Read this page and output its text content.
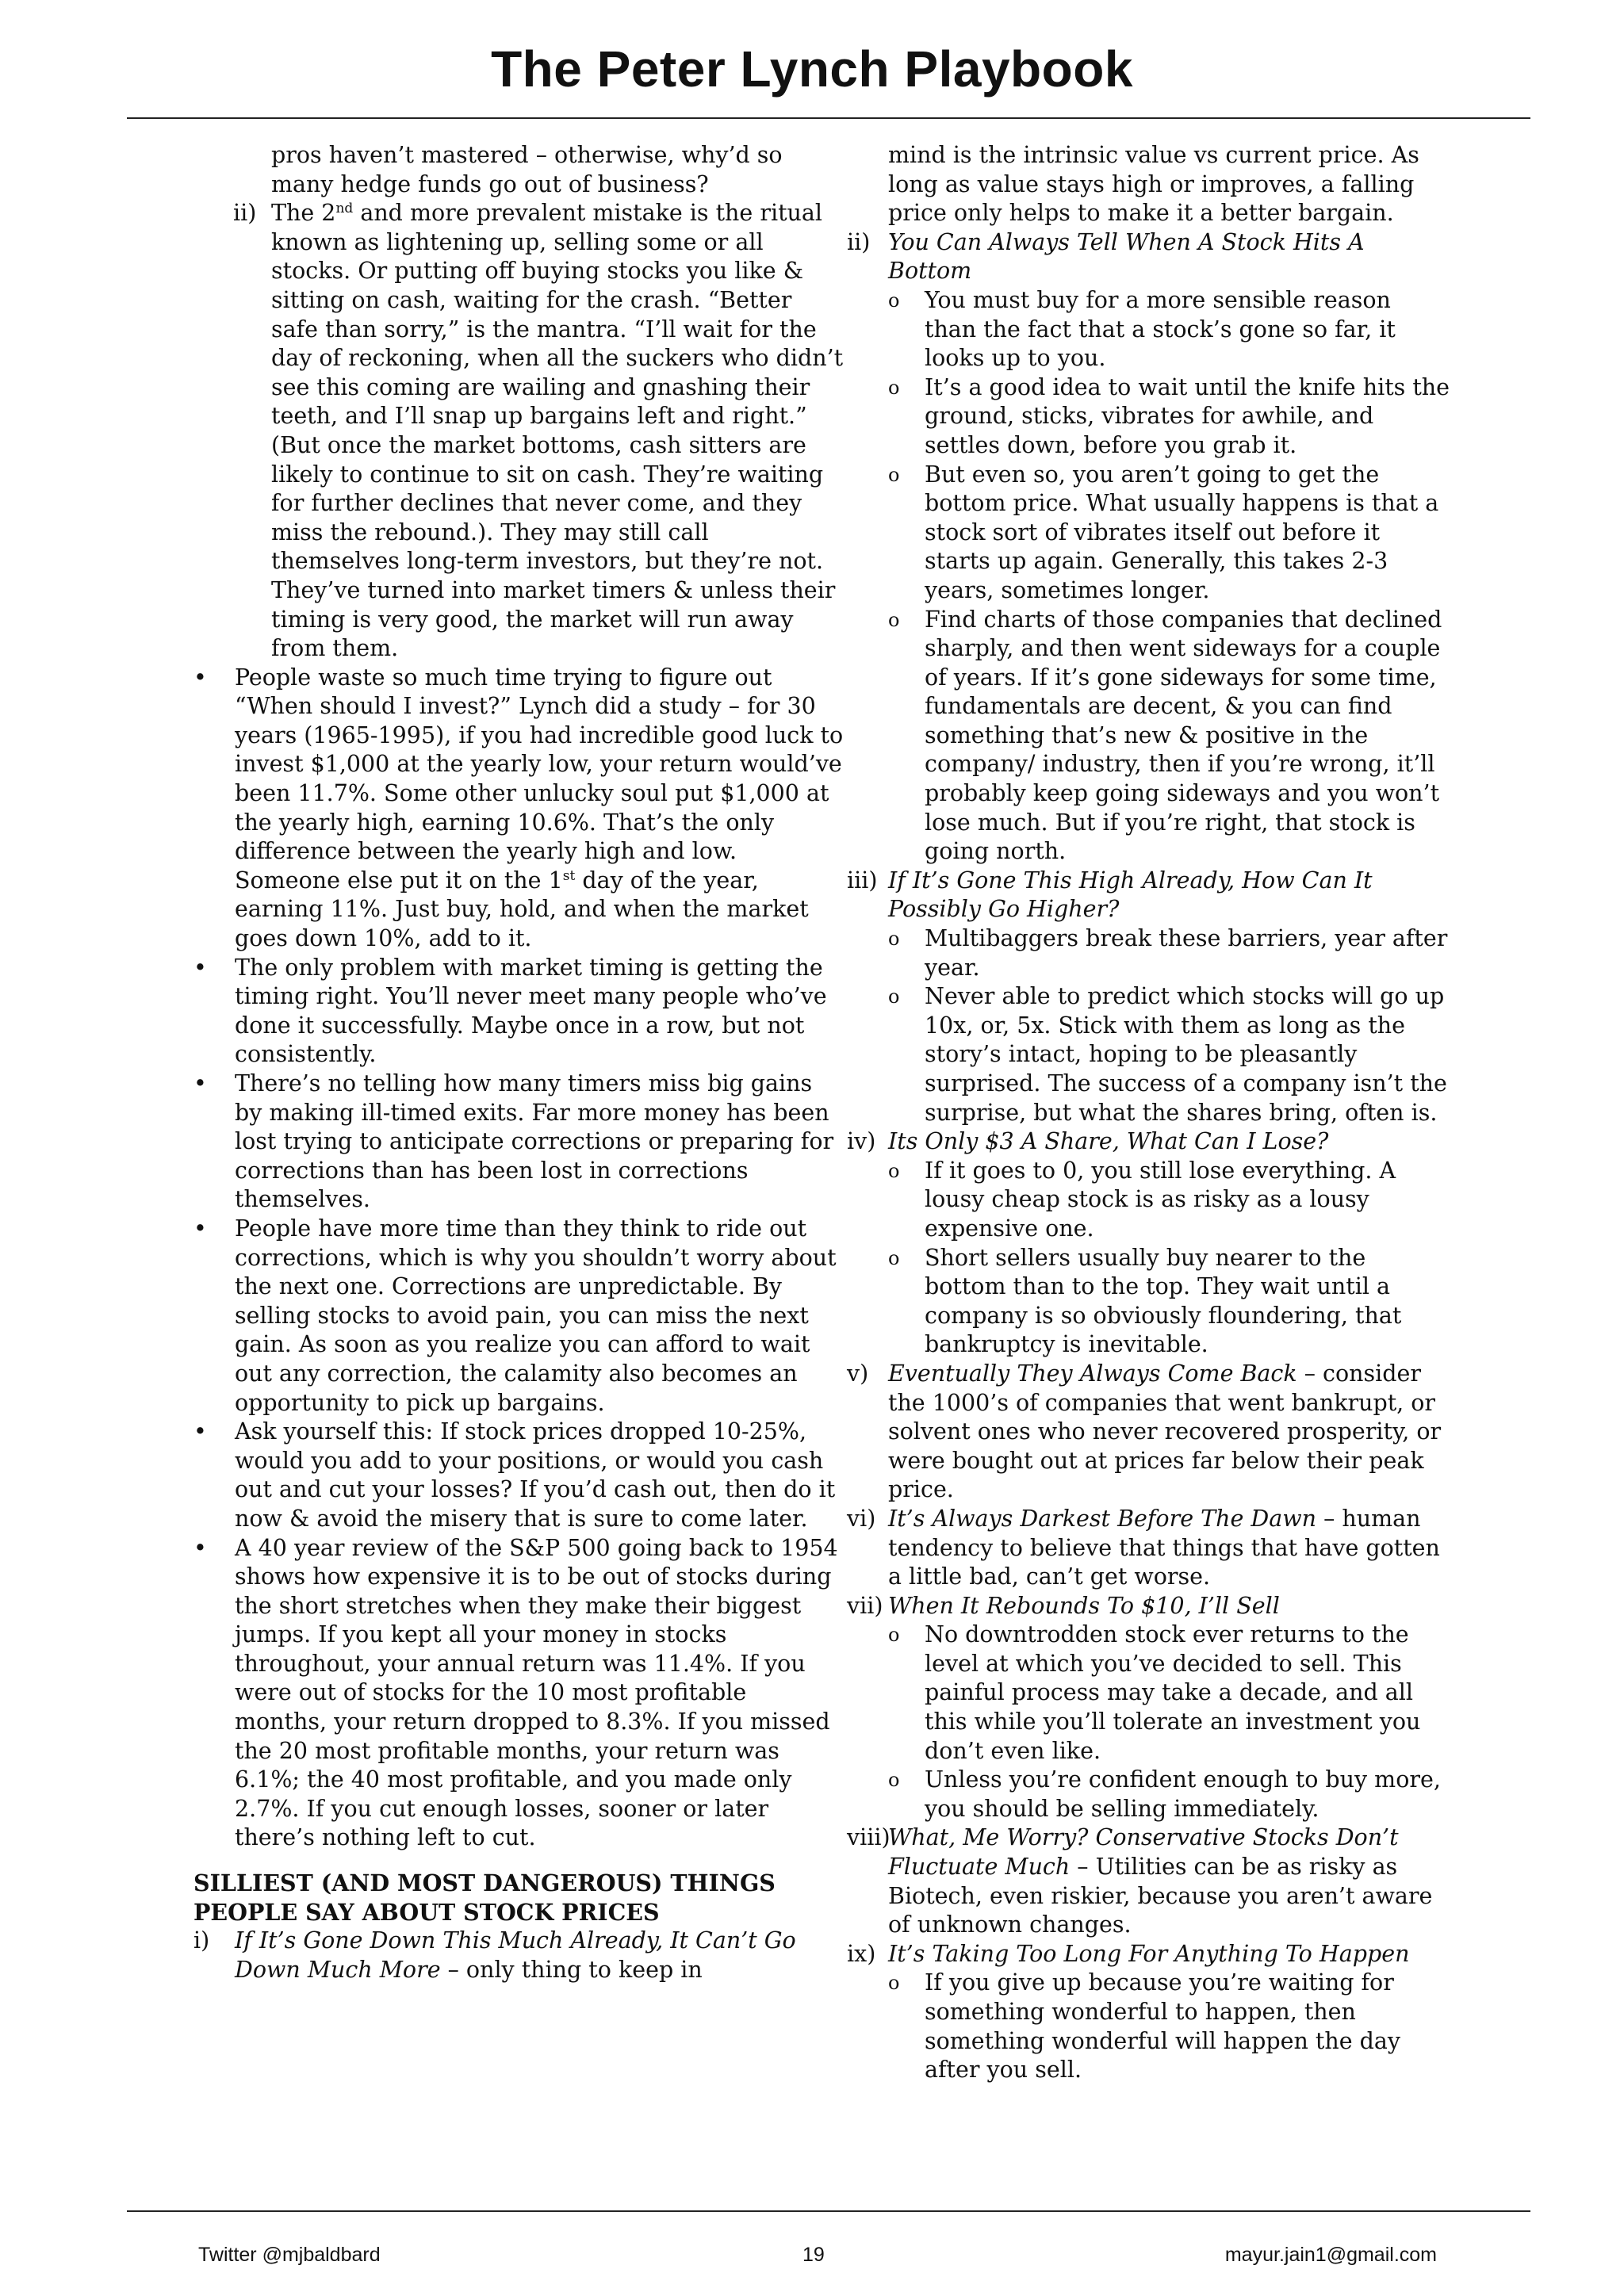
The Peter Lynch Playbook

pros haven’t mastered – otherwise, why’d so many hedge funds go out of business?

ii) The 2nd and more prevalent mistake is the ritual known as lightening up, selling some or all stocks. Or putting off buying stocks you like & sitting on cash, waiting for the crash. “Better safe than sorry,” is the mantra. “I’ll wait for the day of reckoning, when all the suckers who didn’t see this coming are wailing and gnashing their teeth, and I’ll snap up bargains left and right.” (But once the market bottoms, cash sitters are likely to continue to sit on cash. They’re waiting for further declines that never come, and they miss the rebound.). They may still call themselves long-term investors, but they’re not. They’ve turned into market timers & unless their timing is very good, the market will run away from them.

• People waste so much time trying to figure out “When should I invest?” Lynch did a study – for 30 years (1965-1995), if you had incredible good luck to invest $1,000 at the yearly low, your return would’ve been 11.7%. Some other unlucky soul put $1,000 at the yearly high, earning 10.6%. That’s the only difference between the yearly high and low. Someone else put it on the 1st day of the year, earning 11%. Just buy, hold, and when the market goes down 10%, add to it.

• The only problem with market timing is getting the timing right. You’ll never meet many people who’ve done it successfully. Maybe once in a row, but not consistently.

• There’s no telling how many timers miss big gains by making ill-timed exits. Far more money has been lost trying to anticipate corrections or preparing for corrections than has been lost in corrections themselves.

• People have more time than they think to ride out corrections, which is why you shouldn’t worry about the next one. Corrections are unpredictable. By selling stocks to avoid pain, you can miss the next gain. As soon as you realize you can afford to wait out any correction, the calamity also becomes an opportunity to pick up bargains.

• Ask yourself this: If stock prices dropped 10-25%, would you add to your positions, or would you cash out and cut your losses? If you’d cash out, then do it now & avoid the misery that is sure to come later.

• A 40 year review of the S&P 500 going back to 1954 shows how expensive it is to be out of stocks during the short stretches when they make their biggest jumps. If you kept all your money in stocks throughout, your annual return was 11.4%. If you were out of stocks for the 10 most profitable months, your return dropped to 8.3%. If you missed the 20 most profitable months, your return was 6.1%; the 40 most profitable, and you made only 2.7%. If you cut enough losses, sooner or later there’s nothing left to cut.

SILLIEST (AND MOST DANGEROUS) THINGS PEOPLE SAY ABOUT STOCK PRICES

i) If It’s Gone Down This Much Already, It Can’t Go Down Much More – only thing to keep in

mind is the intrinsic value vs current price. As long as value stays high or improves, a falling price only helps to make it a better bargain.

ii) You Can Always Tell When A Stock Hits A Bottom

o You must buy for a more sensible reason than the fact that a stock’s gone so far, it looks up to you.

o It’s a good idea to wait until the knife hits the ground, sticks, vibrates for awhile, and settles down, before you grab it.

o But even so, you aren’t going to get the bottom price. What usually happens is that a stock sort of vibrates itself out before it starts up again. Generally, this takes 2-3 years, sometimes longer.

o Find charts of those companies that declined sharply, and then went sideways for a couple of years. If it’s gone sideways for some time, fundamentals are decent, & you can find something that’s new & positive in the company/ industry, then if you’re wrong, it’ll probably keep going sideways and you won’t lose much. But if you’re right, that stock is going north.

iii) If It’s Gone This High Already, How Can It Possibly Go Higher?

o Multibaggers break these barriers, year after year.

o Never able to predict which stocks will go up 10x, or, 5x. Stick with them as long as the story’s intact, hoping to be pleasantly surprised. The success of a company isn’t the surprise, but what the shares bring, often is.

iv) Its Only $3 A Share, What Can I Lose?

o If it goes to 0, you still lose everything. A lousy cheap stock is as risky as a lousy expensive one.

o Short sellers usually buy nearer to the bottom than to the top. They wait until a company is so obviously floundering, that bankruptcy is inevitable.

v) Eventually They Always Come Back – consider the 1000’s of companies that went bankrupt, or solvent ones who never recovered prosperity, or were bought out at prices far below their peak price.

vi) It’s Always Darkest Before The Dawn – human tendency to believe that things that have gotten a little bad, can’t get worse.

vii) When It Rebounds To $10, I’ll Sell

o No downtrodden stock ever returns to the level at which you’ve decided to sell. This painful process may take a decade, and all this while you’ll tolerate an investment you don’t even like.

o Unless you’re confident enough to buy more, you should be selling immediately.

viii)
What, Me Worry? Conservative Stocks Don’t Fluctuate Much – Utilities can be as risky as Biotech, even riskier, because you aren’t aware of unknown changes.

ix) It’s Taking Too Long For Anything To Happen

o If you give up because you’re waiting for something wonderful to happen, then something wonderful will happen the day after you sell.

Twitter @mjbaldbard	19	mayur.jain1@gmail.com
